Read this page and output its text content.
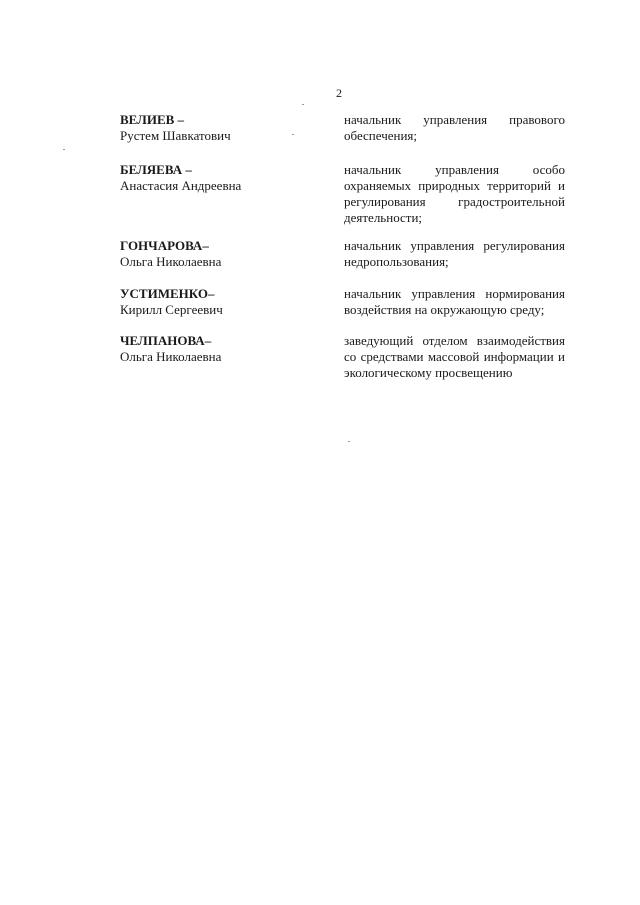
2
ВЕЛИЕВ –
Рустем Шавкатович
начальник управления правового обеспечения;
БЕЛЯЕВА –
Анастасия Андреевна
начальник управления особо охраняемых природных территорий и регулирования градостроительной деятельности;
ГОНЧАРОВА–
Ольга Николаевна
начальник управления регулирования недропользования;
УСТИМЕНКО–
Кирилл Сергеевич
начальник управления нормирования воздействия на окружающую среду;
ЧЕЛПАНОВА–
Ольга Николаевна
заведующий отделом взаимодействия со средствами массовой информации и экологическому просвещению
